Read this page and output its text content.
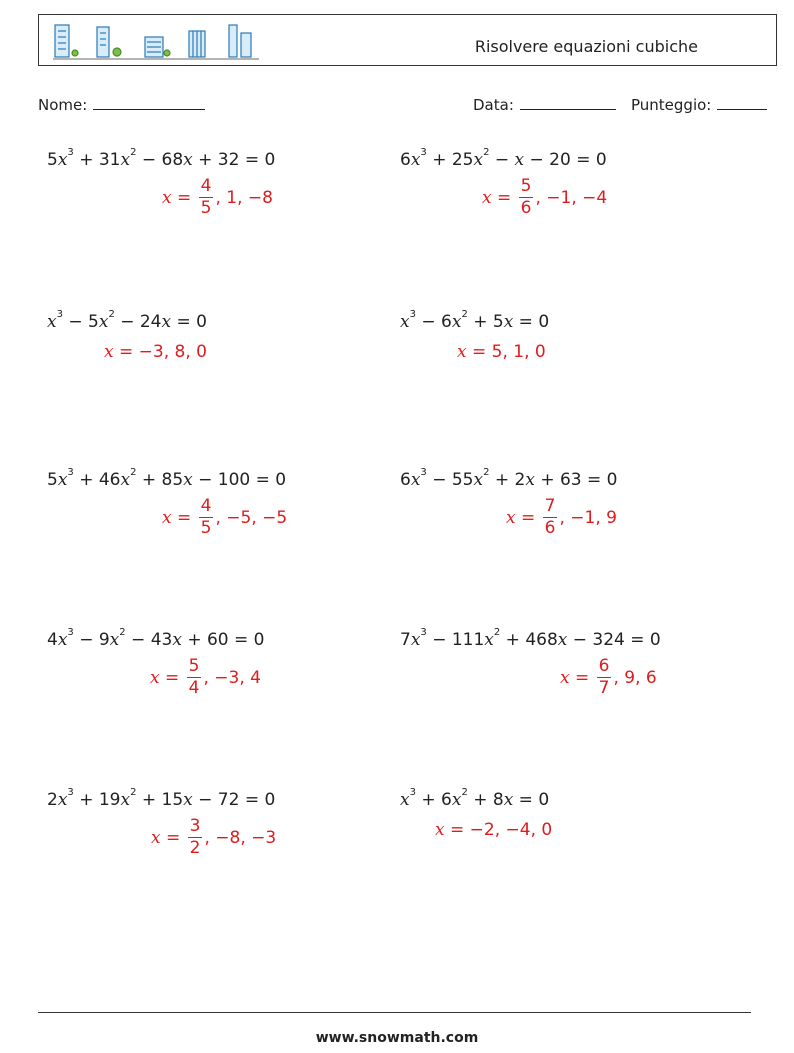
Risolvere equazioni cubiche
Nome:	Data:	Punteggio:
$5x^3 + 31x^2 - 68x + 32 = 0$
$x = \frac{4}{5}$ , 1, −8
$6x^3 + 25x^2 - x - 20 = 0$
$x = \frac{5}{6}$ , −1, −4
$x^3 - 5x^2 - 24x = 0$
x = −3, 8, 0
$x^3 - 6x^2 + 5x = 0$
x = 5, 1, 0
$5x^3 + 46x^2 + 85x - 100 = 0$
$x = \frac{4}{5}$ , −5, −5
$6x^3 - 55x^2 + 2x + 63 = 0$
$x = \frac{7}{6}$ , −1, 9
$4x^3 - 9x^2 - 43x + 60 = 0$
$x = \frac{5}{4}$ , −3, 4
$7x^3 - 111x^2 + 468x - 324 = 0$
$x = \frac{6}{7}$ , 9, 6
$2x^3 + 19x^2 + 15x - 72 = 0$
$x = \frac{3}{2}$ , −8, −3
$x^3 + 6x^2 + 8x = 0$
x = −2, −4, 0
www.snowmath.com
